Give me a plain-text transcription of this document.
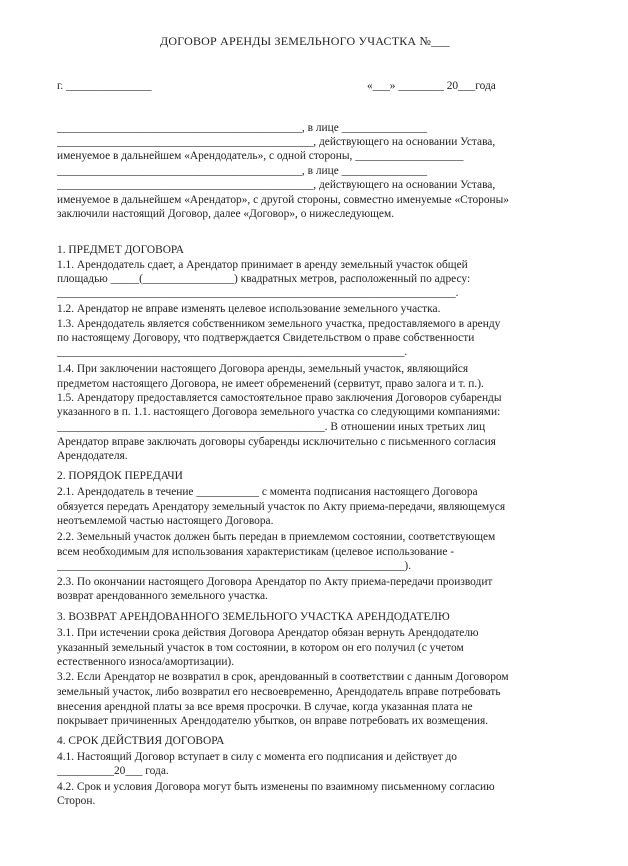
ДОГОВОР АРЕНДЫ ЗЕМЕЛЬНОГО УЧАСТКА №___
г. _______________	«___» ________ 20___года
___________________________________________, в лице _______________
_____________________________________________, действующего на основании Устава,
именуемое в дальнейшем «Арендодатель», с одной стороны, ___________________
___________________________________________, в лице _______________
_____________________________________________, действующего на основании Устава,
именуемое в дальнейшем «Арендатор», с другой стороны, совместно именуемые «Стороны»
заключили настоящий Договор, далее «Договор», о нижеследующем.
1. ПРЕДМЕТ ДОГОВОРА
1.1. Арендодатель сдает, а Арендатор принимает в аренду земельный участок общей
площадью _____(________________) квадратных метров, расположенный по адресу:
______________________________________________________________________.
1.2. Арендатор не вправе изменять целевое использование земельного участка.
1.3. Арендодатель является собственником земельного участка, предоставляемого в аренду
по настоящему Договору, что подтверждается Свидетельством о праве собственности
_____________________________________________________________.
1.4. При заключении настоящего Договора аренды, земельный участок, являющийся
предметом настоящего Договора, не имеет обременений (сервитут, право залога и т. п.).
1.5. Арендатору предоставляется самостоятельное право заключения Договоров субаренды
указанного в п. 1.1. настоящего Договора земельного участка со следующими компаниями:
_______________________________________________. В отношении иных третьих лиц
Арендатор вправе заключать договоры субаренды исключительно с письменного согласия
Арендодателя.
2. ПОРЯДОК ПЕРЕДАЧИ
2.1. Арендодатель в течение ___________ с момента подписания настоящего Договора
обязуется передать Арендатору земельный участок по Акту приема-передачи, являющемуся
неотъемлемой частью настоящего Договора.
2.2. Земельный участок должен быть передан в приемлемом состоянии, соответствующем
всем необходимым для использования характеристикам (целевое использование -
_____________________________________________________________).
2.3. По окончании настоящего Договора Арендатор по Акту приема-передачи производит
возврат арендованного земельного участка.
3. ВОЗВРАТ АРЕНДОВАННОГО ЗЕМЕЛЬНОГО УЧАСТКА АРЕНДОДАТЕЛЮ
3.1. При истечении срока действия Договора Арендатор обязан вернуть Арендодателю
указанный земельный участок в том состоянии, в котором он его получил (с учетом
естественного износа/амортизации).
3.2. Если Арендатор не возвратил в срок, арендованный в соответствии с данным Договором
земельный участок, либо возвратил его несвоевременно, Арендодатель вправе потребовать
внесения арендной платы за все время просрочки. В случае, когда указанная плата не
покрывает причиненных Арендодателю убытков, он вправе потребовать их возмещения.
4. СРОК ДЕЙСТВИЯ ДОГОВОРА
4.1. Настоящий Договор вступает в силу с момента его подписания и действует до
__________20___ года.
4.2. Срок и условия Договора могут быть изменены по взаимному письменному согласию
Сторон.
